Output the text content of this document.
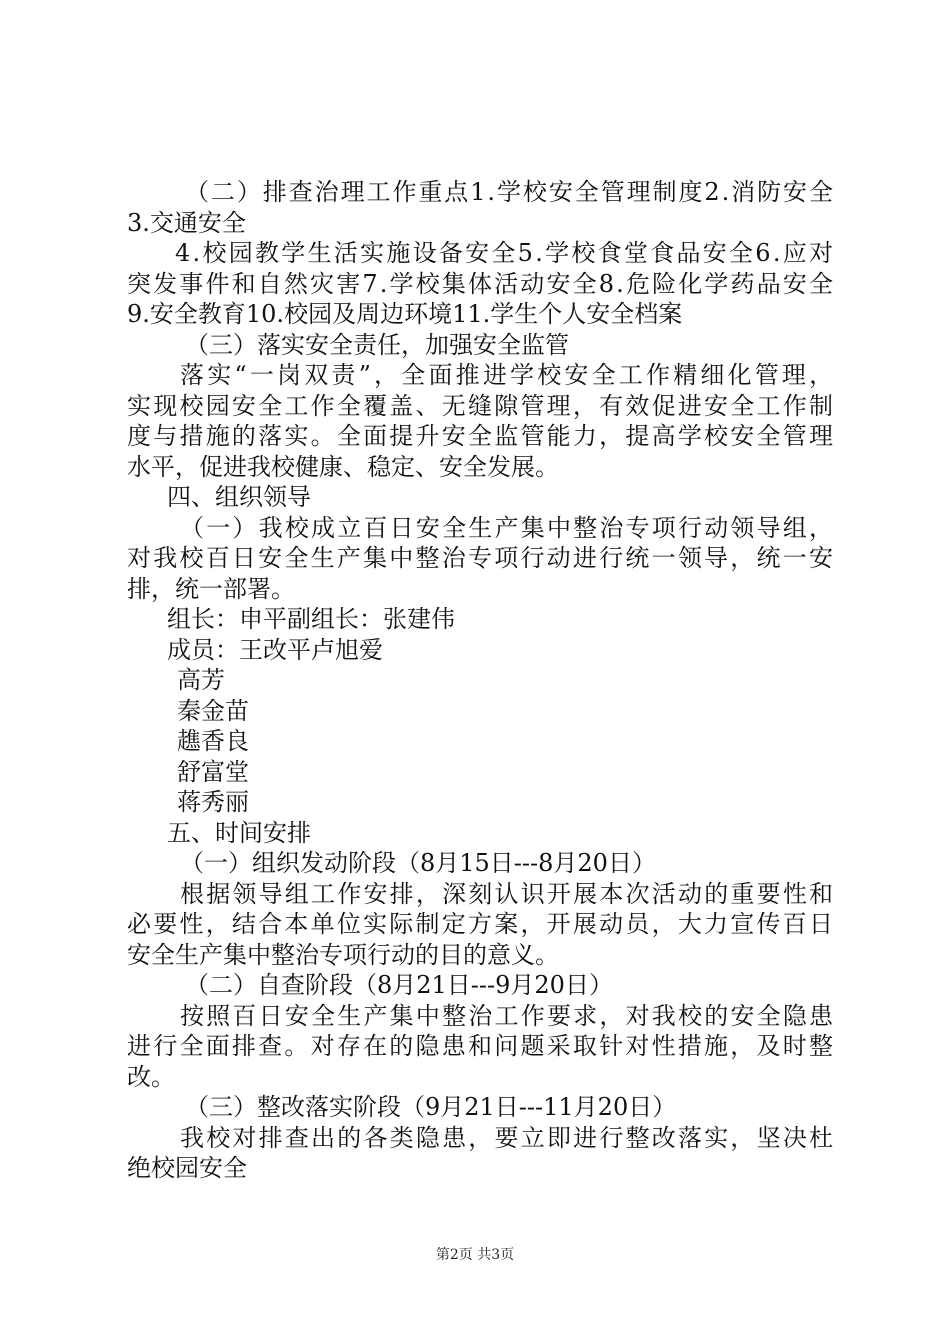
（二）排查治理工作重点1.学校安全管理制度2.消防安全
3.交通安全
4.校园教学生活实施设备安全5.学校食堂食品安全6.应对
突发事件和自然灾害7.学校集体活动安全8.危险化学药品安全
9.安全教育10.校园及周边环境11.学生个人安全档案
（三）落实安全责任，加强安全监管
落实“一岗双责”，全面推进学校安全工作精细化管理，
实现校园安全工作全覆盖、无缝隙管理，有效促进安全工作制
度与措施的落实。全面提升安全监管能力，提高学校安全管理
水平，促进我校健康、稳定、安全发展。
四、组织领导
（一）我校成立百日安全生产集中整治专项行动领导组，
对我校百日安全生产集中整治专项行动进行统一领导，统一安
排，统一部署。
组长：申平副组长：张建伟
成员：王改平卢旭爱
高芳
秦金苗
趭香良
舒富堂
蒋秀丽
五、时间安排
（一）组织发动阶段（8月15日---8月20日）
根据领导组工作安排，深刻认识开展本次活动的重要性和
必要性，结合本单位实际制定方案，开展动员，大力宣传百日
安全生产集中整治专项行动的目的意义。
（二）自查阶段（8月21日---9月20日）
按照百日安全生产集中整治工作要求，对我校的安全隐患
进行全面排查。对存在的隐患和问题采取针对性措施，及时整
改。
（三）整改落实阶段（9月21日---11月20日）
我校对排查出的各类隐患，要立即进行整改落实，坚决杜
绝校园安全
第2页 共3页
